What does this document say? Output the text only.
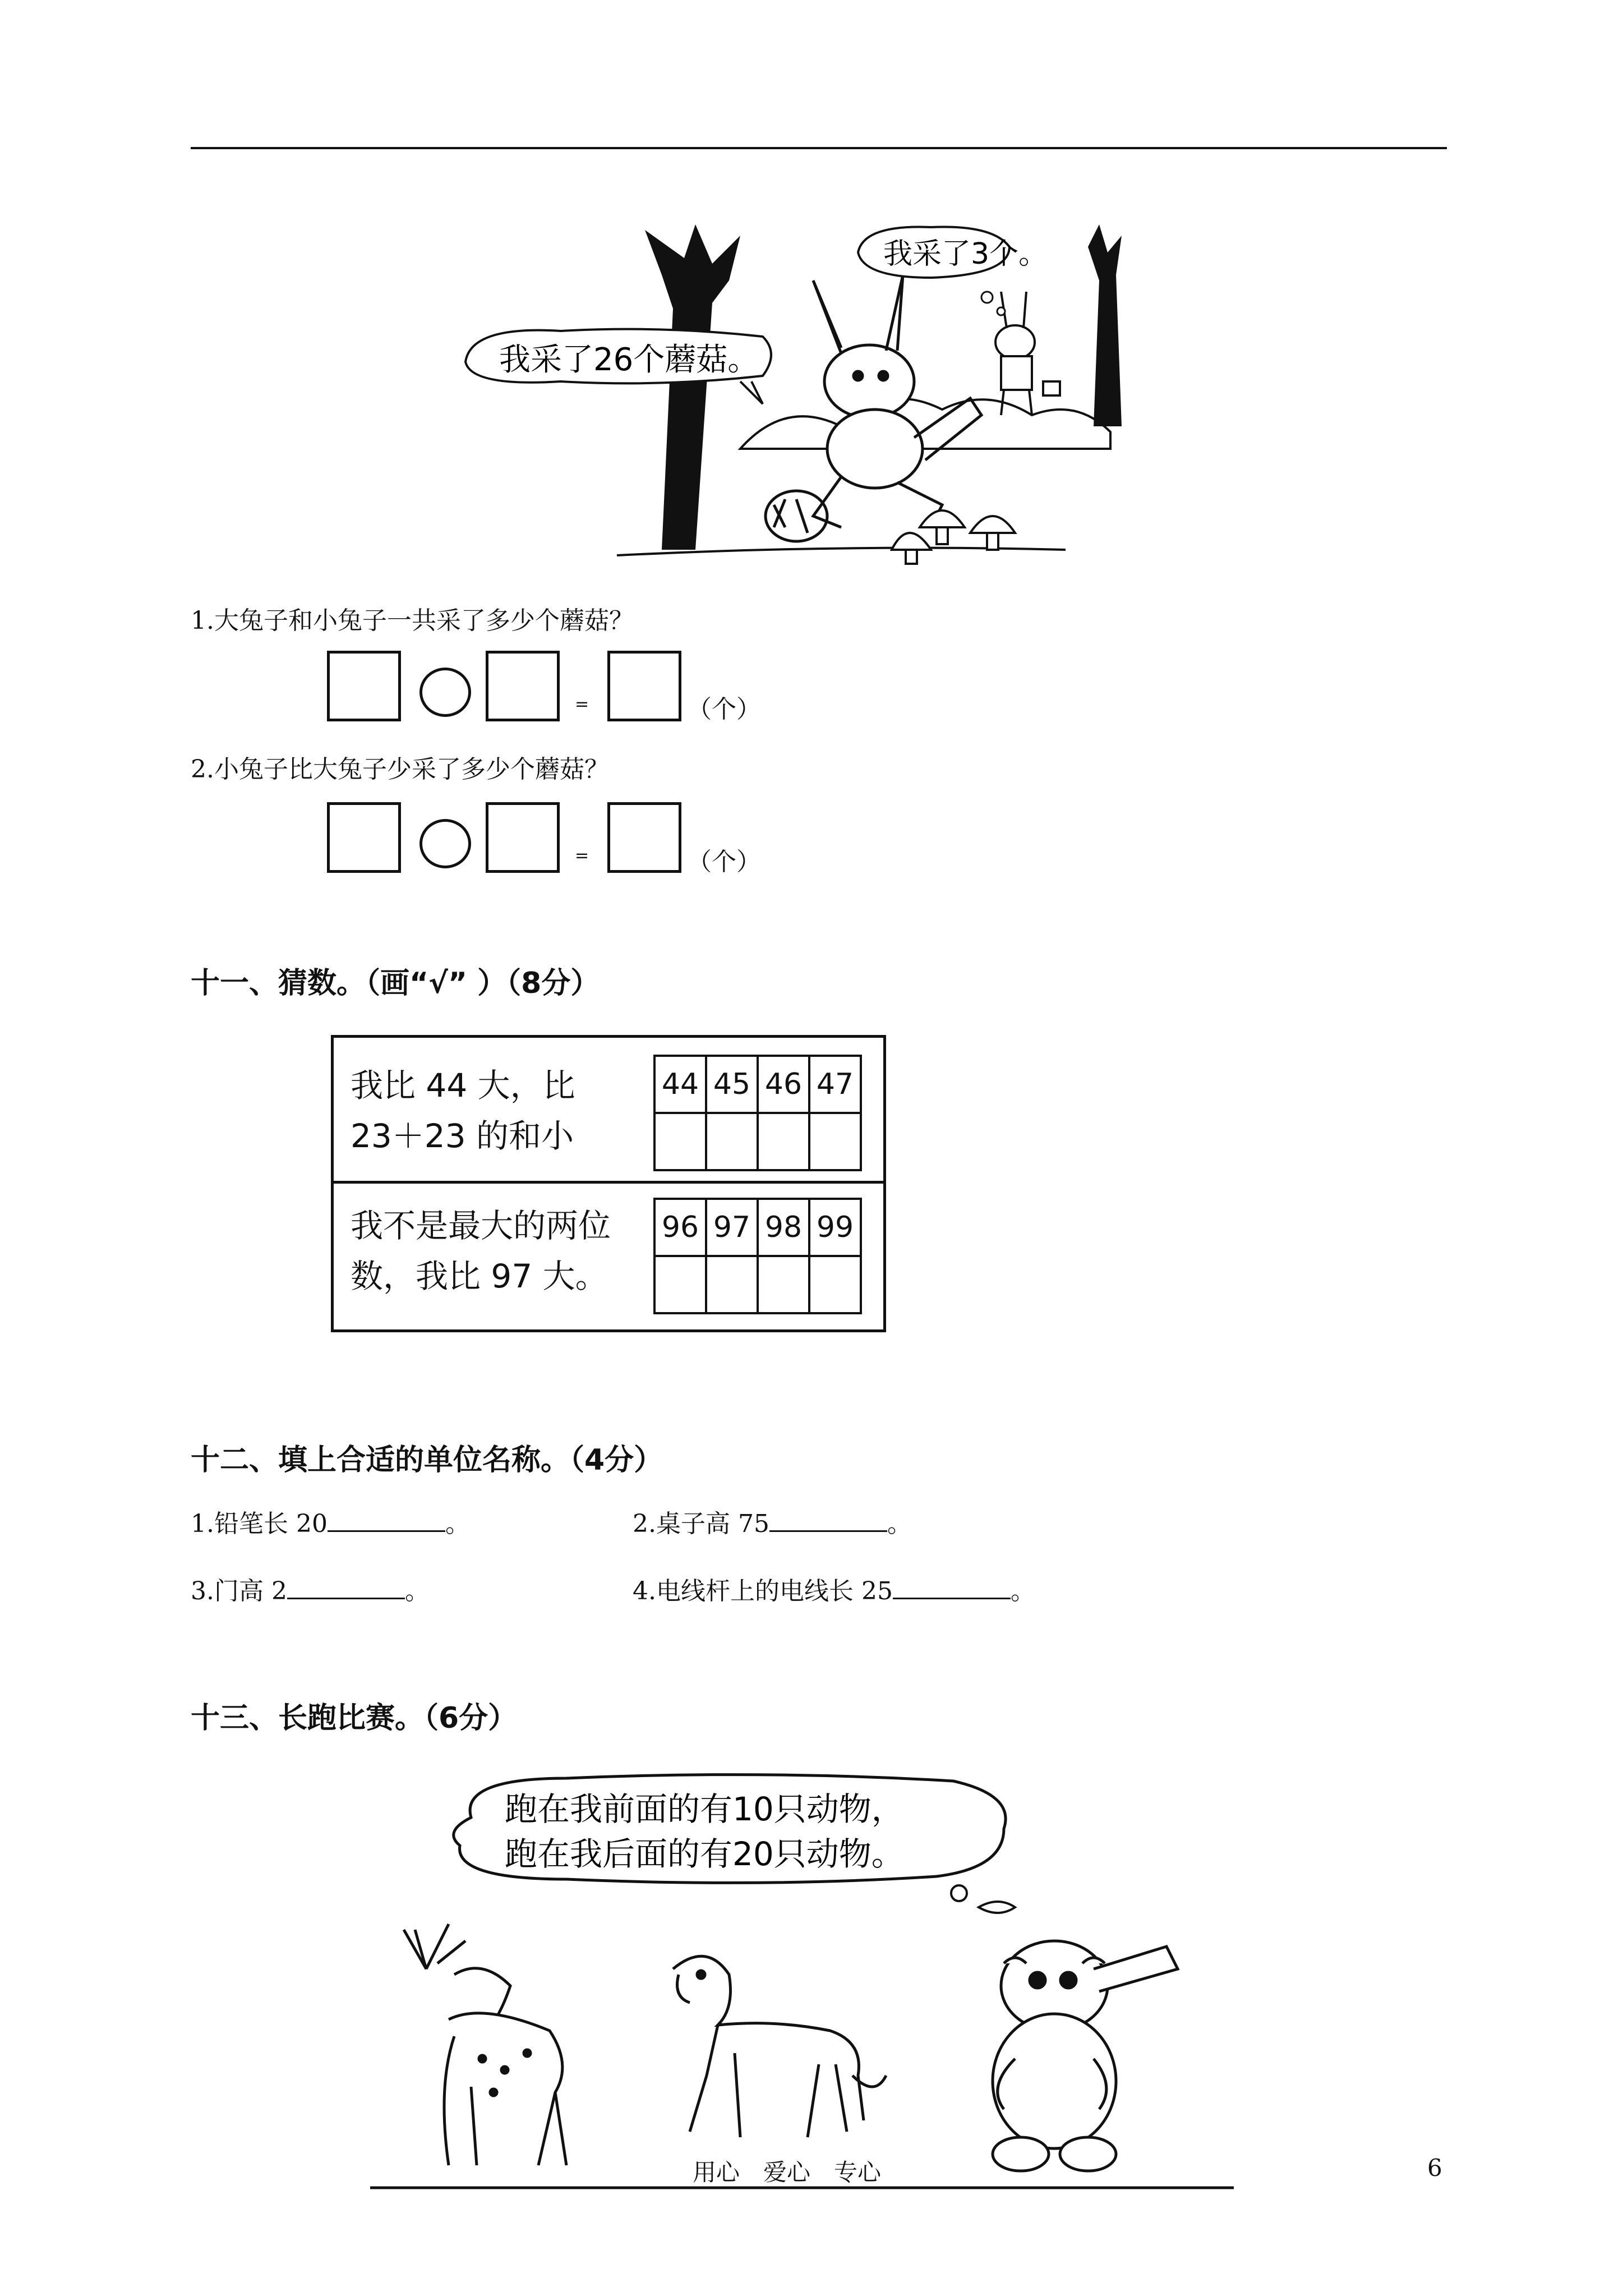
我采了26个蘑菇。
我采了3个。
1.大兔子和小兔子一共采了多少个蘑菇？
=	（个）
2.小兔子比大兔子少采了多少个蘑菇？
=	（个）
十一、猜数。（画“√” ）（8分）
我比 44 大，比
23＋23 的和小
44	45	46	47

我不是最大的两位
数，我比 97 大。
96	97	98	99

十二、填上合适的单位名称。（4分）
1.铅笔长 20	。	2.桌子高 75	。
3.门高 2	。	4.电线杆上的电线长 25	。
十三、长跑比赛。（6分）
跑在我前面的有10只动物，
跑在我后面的有20只动物。
用心　爱心　专心	6
